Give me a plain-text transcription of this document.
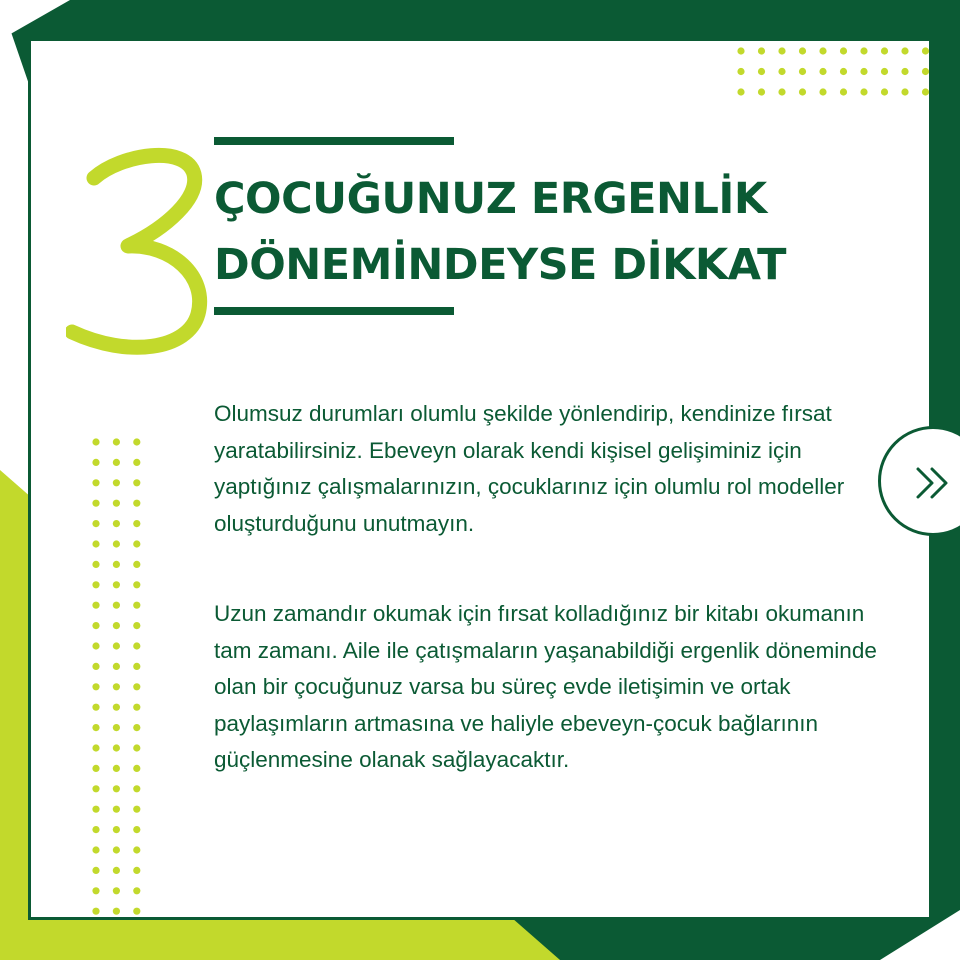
ÇOCUĞUNUZ ERGENLİK
DÖNEMİNDEYSE DİKKAT

Olumsuz durumları olumlu şekilde yönlendirip, kendinize fırsat yaratabilirsiniz. Ebeveyn olarak kendi kişisel gelişiminiz için yaptığınız çalışmalarınızın, çocuklarınız için olumlu rol modeller oluşturduğunu unutmayın.

Uzun zamandır okumak için fırsat kolladığınız bir kitabı okumanın tam zamanı. Aile ile çatışmaların yaşanabildiği ergenlik döneminde olan bir çocuğunuz varsa bu süreç evde iletişimin ve ortak paylaşımların artmasına ve haliyle ebeveyn-çocuk bağlarının güçlenmesine olanak sağlayacaktır.
